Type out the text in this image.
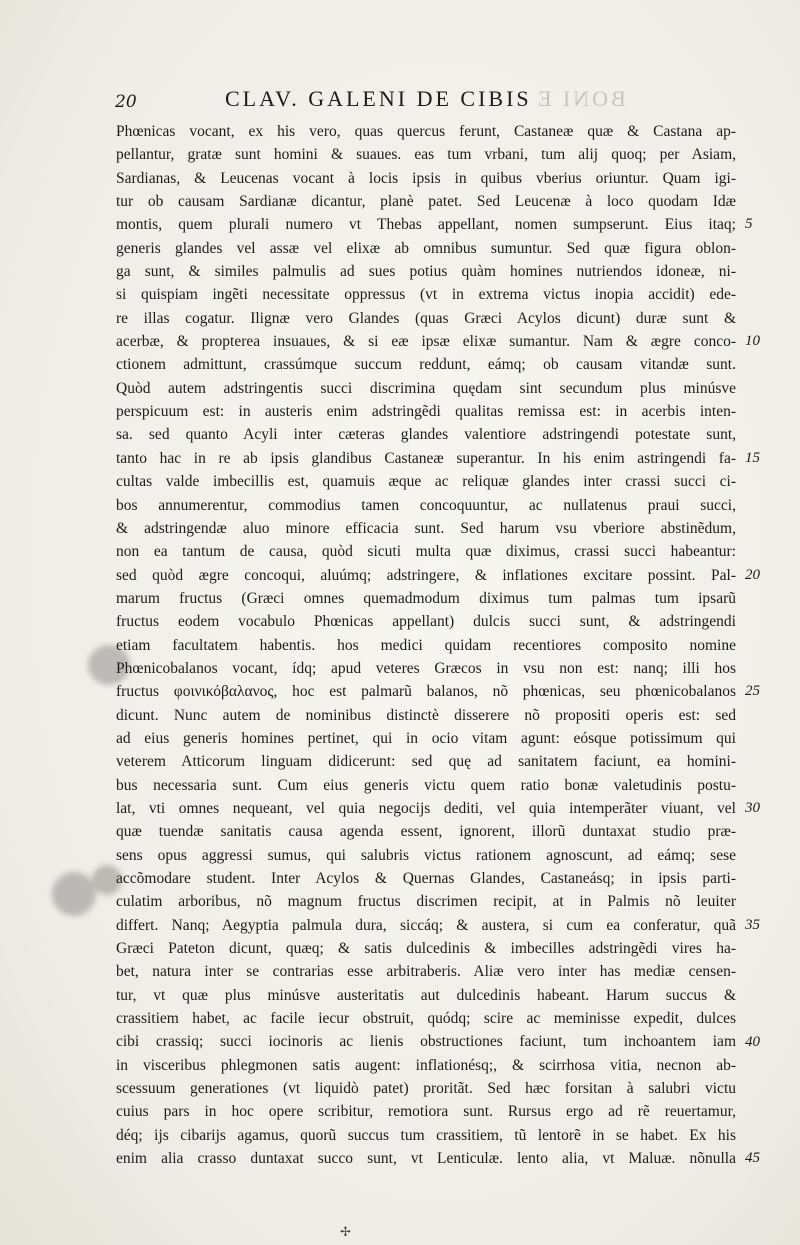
20	CLAV. GALENI DE CIBIS BONI E
Phœnicas vocant, ex his vero, quas quercus ferunt, Castaneæ quæ & Castana ap-
pellantur, gratæ sunt homini & suaues. eas tum vrbani, tum alij quoq; per Asiam,
Sardianas, & Leucenas vocant à locis ipsis in quibus vberius oriuntur. Quam igi-
tur ob causam Sardianæ dicantur, planè patet. Sed Leucenæ à loco quodam Idæ
montis, quem plurali numero vt Thebas appellant, nomen sumpserunt. Eius itaq;
generis glandes vel assæ vel elixæ ab omnibus sumuntur. Sed quæ figura oblon-
ga sunt, & similes palmulis ad sues potius quàm homines nutriendos idoneæ, ni-
si quispiam ingẽti necessitate oppressus (vt in extrema victus inopia accidit) ede-
re illas cogatur. Ilignæ vero Glandes (quas Græci Acylos dicunt) duræ sunt &
acerbæ, & propterea insuaues, & si eæ ipsæ elixæ sumantur. Nam & ægre conco-
ctionem admittunt, crassúmque succum reddunt, eámq; ob causam vitandæ sunt.
Quòd autem adstringentis succi discrimina quędam sint secundum plus minúsve
perspicuum est: in austeris enim adstringẽdi qualitas remissa est: in acerbis inten-
sa. sed quanto Acyli inter cæteras glandes valentiore adstringendi potestate sunt,
tanto hac in re ab ipsis glandibus Castaneæ superantur. In his enim astringendi fa-
cultas valde imbecillis est, quamuis æque ac reliquæ glandes inter crassi succi ci-
bos annumerentur, commodius tamen concoquuntur, ac nullatenus praui succi,
& adstringendæ aluo minore efficacia sunt. Sed harum vsu vberiore abstinẽdum,
non ea tantum de causa, quòd sicuti multa quæ diximus, crassi succi habeantur:
sed quòd ægre concoqui, aluúmq; adstringere, & inflationes excitare possint. Pal-
marum fructus (Græci omnes quemadmodum diximus tum palmas tum ipsarũ
fructus eodem vocabulo Phœnicas appellant) dulcis succi sunt, & adstringendi
etiam facultatem habentis. hos medici quidam recentiores composito nomine
Phœnicobalanos vocant, ídq; apud veteres Græcos in vsu non est: nanq; illi hos
fructus φοινικόβαλανος, hoc est palmarũ balanos, nõ phœnicas, seu phœnicobalanos
dicunt. Nunc autem de nominibus distinctè disserere nõ propositi operis est: sed
ad eius generis homines pertinet, qui in ocio vitam agunt: eósque potissimum qui
veterem Atticorum linguam didicerunt: sed quę ad sanitatem faciunt, ea homini-
bus necessaria sunt. Cum eius generis victu quem ratio bonæ valetudinis postu-
lat, vti omnes nequeant, vel quia negocijs dediti, vel quia intemperãter viuant, vel
quæ tuendæ sanitatis causa agenda essent, ignorent, illorũ duntaxat studio præ-
sens opus aggressi sumus, qui salubris victus rationem agnoscunt, ad eámq; sese
accõmodare student. Inter Acylos & Quernas Glandes, Castaneásq; in ipsis parti-
culatim arboribus, nõ magnum fructus discrimen recipit, at in Palmis nõ leuiter
differt. Nanq; Aegyptia palmula dura, siccáq; & austera, si cum ea conferatur, quã
Græci Pateton dicunt, quæq; & satis dulcedinis & imbecilles adstringẽdi vires ha-
bet, natura inter se contrarias esse arbitraberis. Aliæ vero inter has mediæ censen-
tur, vt quæ plus minúsve austeritatis aut dulcedinis habeant. Harum succus &
crassitiem habet, ac facile iecur obstruit, quódq; scire ac meminisse expedit, dulces
cibi crassiq; succi iocinoris ac lienis obstructiones faciunt, tum inchoantem iam
in visceribus phlegmonen satis augent: inflationésq;, & scirrhosa vitia, necnon ab-
scessuum generationes (vt liquidò patet) proritãt. Sed hæc forsitan à salubri victu
cuius pars in hoc opere scribitur, remotiora sunt. Rursus ergo ad rẽ reuertamur,
déq; ijs cibarijs agamus, quorũ succus tum crassitiem, tũ lentorẽ in se habet. Ex his
enim alia crasso duntaxat succo sunt, vt Lenticulæ. lento alia, vt Maluæ. nõnulla
5
10
15
20
25
30
35
40
45
✢
